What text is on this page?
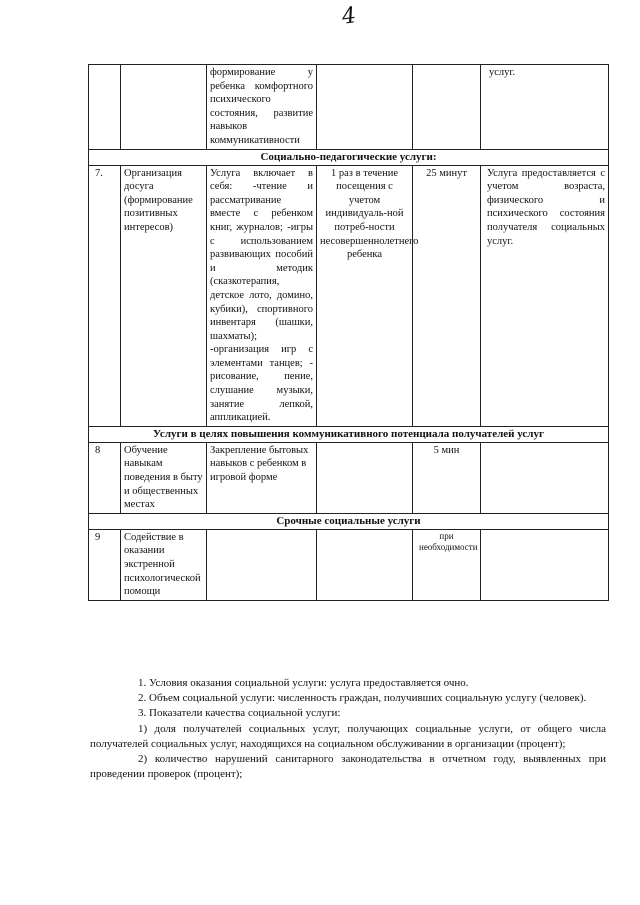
4
		формирование у ребенка комфортного психического состояния, развитие навыков коммуникативности			услуг.
Социально-педагогические услуги:					
7.	Организация досуга (формирование позитивных интересов)	Услуга включает в себя: -чтение и рассматривание вместе с ребенком книг, журналов; -игры с использованием развивающих пособий и методик (сказкотерапия, детское лото, домино, кубики), спортивного инвентаря (шашки, шахматы); -организация игр с элементами танцев; - рисование, пение, слушание музыки, занятие лепкой, аппликацией.	1 раз в течение посещения с учетом индивидуаль-ной потреб-ности несовершеннолетнего ребенка	25 минут	Услуга предоставляется с учетом возраста, физического и психического состояния получателя социальных услуг.
Услуги в целях повышения коммуникативного потенциала получателей услуг					
8	Обучение навыкам поведения в быту и общественных местах	Закрепление бытовых навыков с ребенком в игровой форме		5 мин	
Срочные социальные услуги					
9	Содействие в оказании экстренной психологической помощи			при необходимости	

1. Условия оказания социальной услуги: услуга предоставляется очно.

2. Объем социальной услуги: численность граждан, получивших социальную услугу (человек).

3. Показатели качества социальной услуги:

1) доля получателей социальных услуг, получающих социальные услуги, от общего числа получателей социальных услуг, находящихся на социальном обслуживании в организации (процент);

2) количество нарушений санитарного законодательства в отчетном году, выявленных при проведении проверок (процент);
